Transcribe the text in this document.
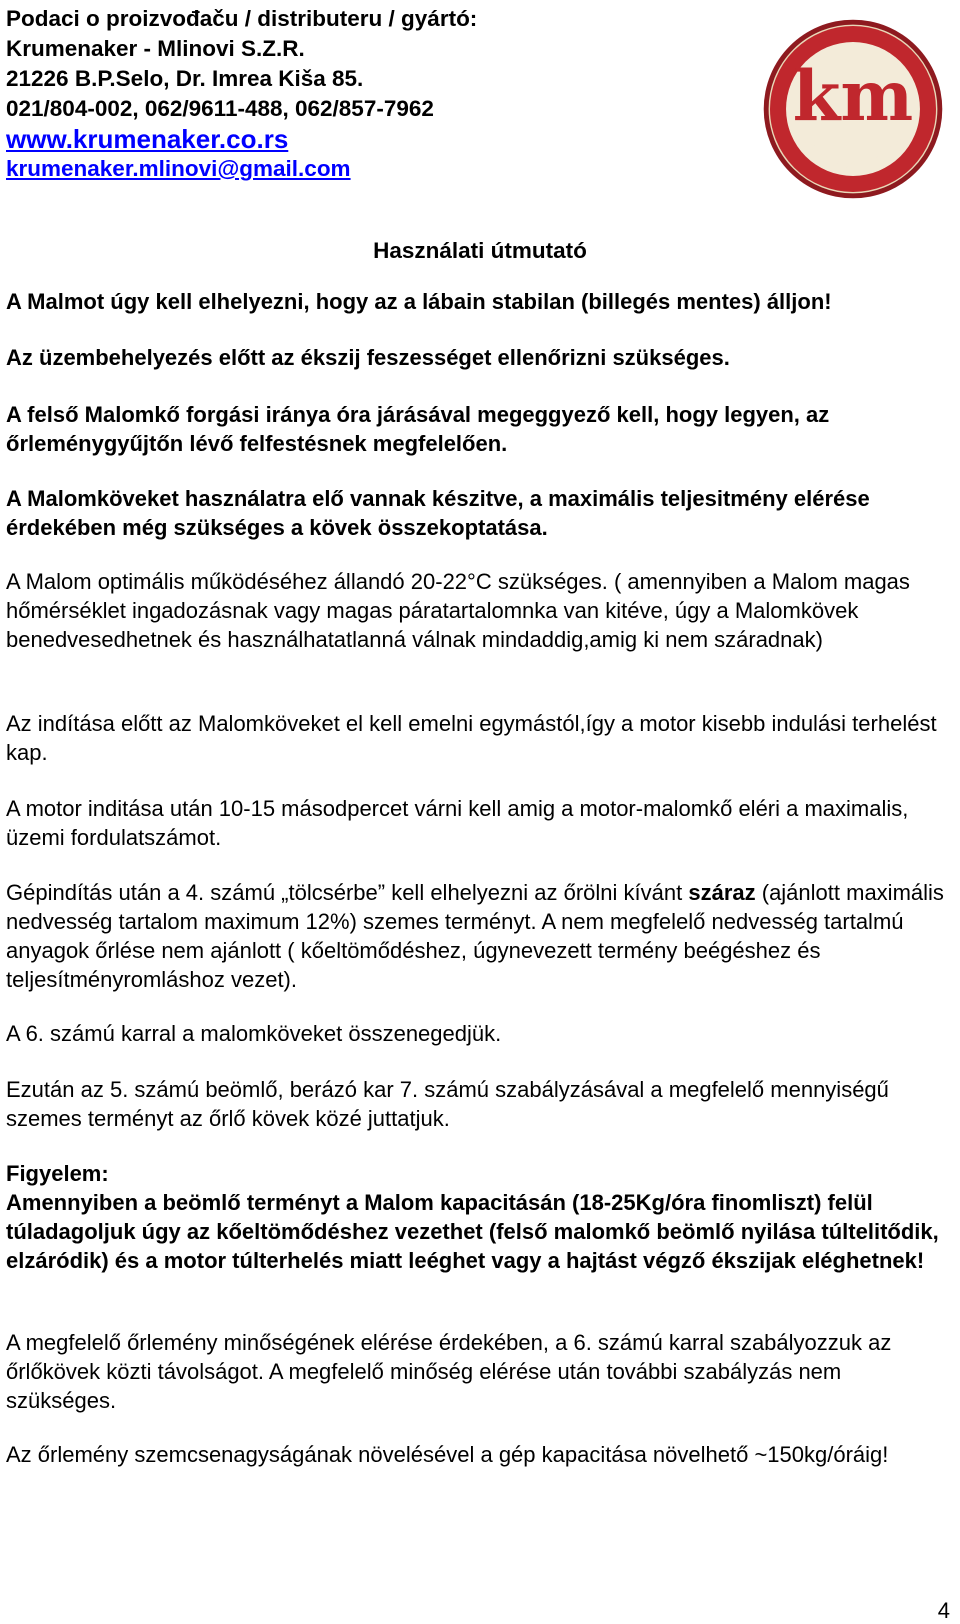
Podaci o proizvođaču / distributeru / gyártó:
Krumenaker - Mlinovi S.Z.R.
21226 B.P.Selo, Dr. Imrea Kiša 85.
021/804-002, 062/9611-488, 062/857-7962
www.krumenaker.co.rs
krumenaker.mlinovi@gmail.com
km
krumenaker mlinovi
Használati útmutató

A Malmot úgy kell elhelyezni, hogy az a lábain stabilan (billegés mentes) álljon!

Az üzembehelyezés előtt az ékszij feszességet ellenőrizni szükséges.

A felső Malomkő forgási iránya óra járásával megeggyező kell, hogy legyen, az őrleménygyűjtőn lévő felfestésnek megfelelően.

A Malomköveket használatra elő vannak készitve, a maximális teljesitmény elérése érdekében még szükséges a kövek összekoptatása.

A Malom optimális működéséhez állandó 20-22°C szükséges. ( amennyiben a Malom magas hőmérséklet ingadozásnak vagy magas páratartalomnka van kitéve, úgy a Malomkövek benedvesedhetnek és használhatatlanná válnak mindaddig,amig ki nem száradnak)

Az indítása előtt az Malomköveket el kell emelni egymástól,így a motor kisebb indulási terhelést kap.

A motor inditása után 10-15 másodpercet várni kell amig a motor-malomkő eléri a maximalis, üzemi fordulatszámot.

Gépindítás után a 4. számú „tölcsérbe” kell elhelyezni az őrölni kívánt száraz (ajánlott maximális nedvesség tartalom maximum 12%) szemes terményt. A nem megfelelő nedvesség tartalmú anyagok őrlése nem ajánlott ( kőeltömődéshez, úgynevezett termény beégéshez és teljesítményromláshoz vezet).

A 6. számú karral a malomköveket összenegedjük.

Ezután az 5. számú beömlő, berázó kar 7. számú szabályzásával a megfelelő mennyiségű szemes terményt az őrlő kövek közé juttatjuk.

Figyelem:

Amennyiben a beömlő terményt a Malom kapacitásán (18-25Kg/óra finomliszt) felül túladagoljuk úgy az kőeltömődéshez vezethet (felső malomkő beömlő nyilása túltelitődik, elzáródik) és a motor túlterhelés miatt leéghet vagy a hajtást végző ékszijak eléghetnek!

A megfelelő őrlemény minőségének elérése érdekében, a 6. számú karral szabályozzuk az őrlőkövek közti távolságot. A megfelelő minőség elérése után további szabályzás nem szükséges.

Az őrlemény szemcsenagyságának növelésével a gép kapacitása növelhető ~150kg/óráig!

4
